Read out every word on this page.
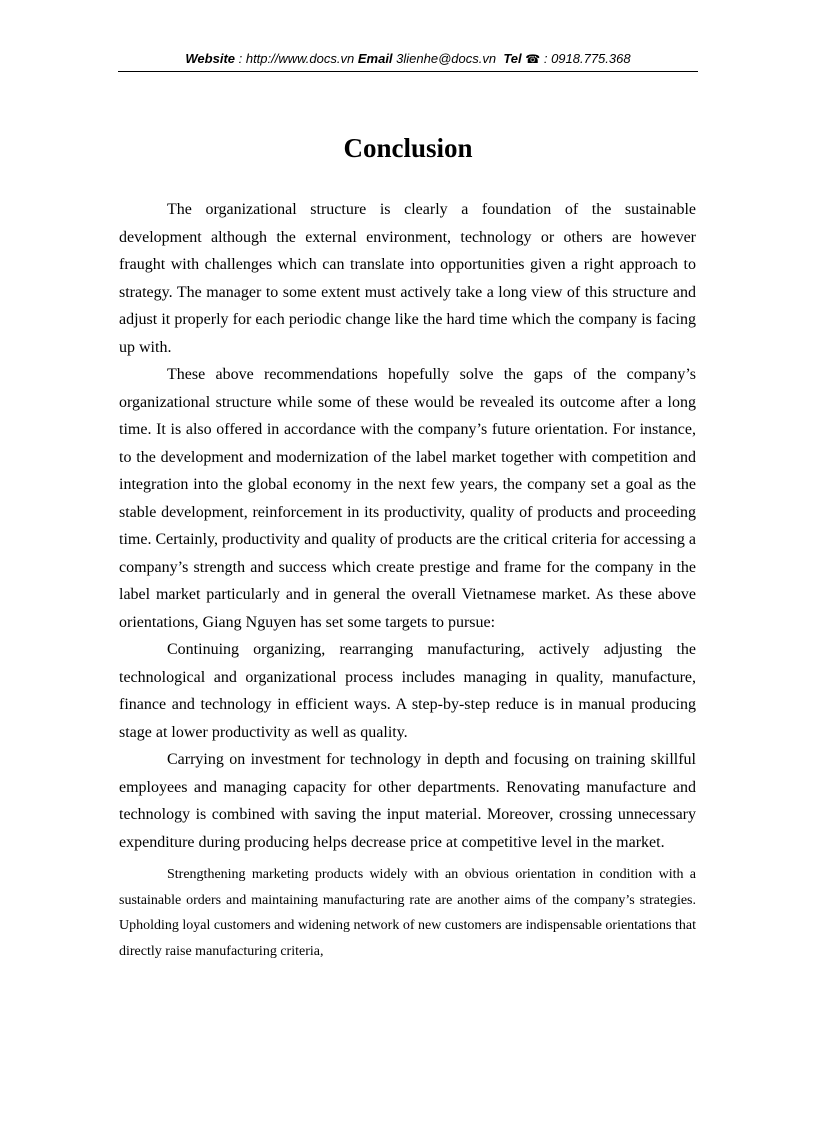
Website : http://www.docs.vn Email 3lienhe@docs.vn Tel ☎ : 0918.775.368
Conclusion

The organizational structure is clearly a foundation of the sustainable development although the external environment, technology or others are however fraught with challenges which can translate into opportunities given a right approach to strategy. The manager to some extent must actively take a long view of this structure and adjust it properly for each periodic change like the hard time which the company is facing up with.

These above recommendations hopefully solve the gaps of the company’s organizational structure while some of these would be revealed its outcome after a long time. It is also offered in accordance with the company’s future orientation. For instance, to the development and modernization of the label market together with competition and integration into the global economy in the next few years, the company set a goal as the stable development, reinforcement in its productivity, quality of products and proceeding time. Certainly, productivity and quality of products are the critical criteria for accessing a company’s strength and success which create prestige and frame for the company in the label market particularly and in general the overall Vietnamese market. As these above orientations, Giang Nguyen has set some targets to pursue:

Continuing organizing, rearranging manufacturing, actively adjusting the technological and organizational process includes managing in quality, manufacture, finance and technology in efficient ways. A step-by-step reduce is in manual producing stage at lower productivity as well as quality.

Carrying on investment for technology in depth and focusing on training skillful employees and managing capacity for other departments. Renovating manufacture and technology is combined with saving the input material. Moreover, crossing unnecessary expenditure during producing helps decrease price at competitive level in the market.

Strengthening marketing products widely with an obvious orientation in condition with a sustainable orders and maintaining manufacturing rate are another aims of the company’s strategies. Upholding loyal customers and widening network of new customers are indispensable orientations that directly raise manufacturing criteria,
